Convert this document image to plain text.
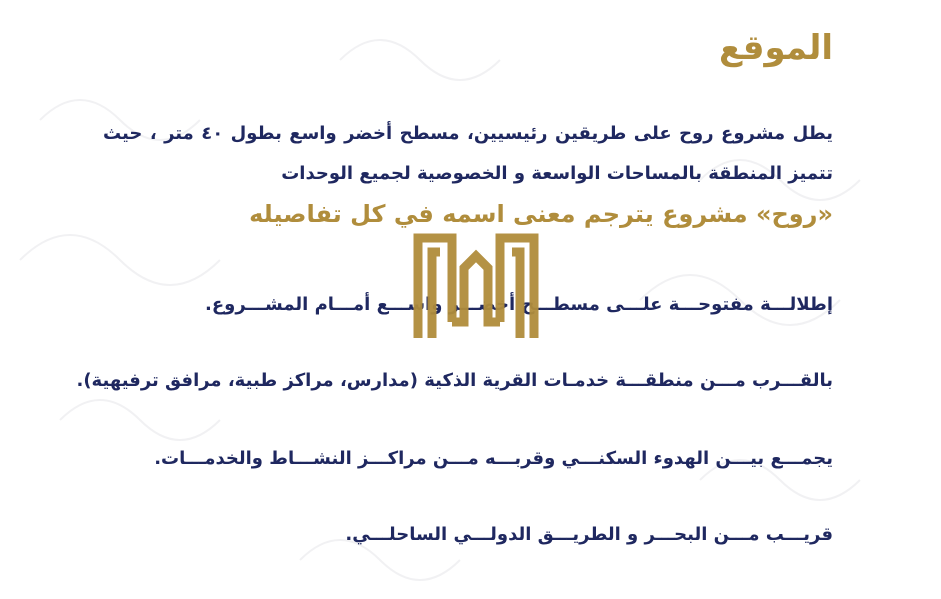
الموقع

يطل مشروع روح على طريقين رئيسيين، مسطح أخضر واسع بطول ٤٠ متر ، حيث تتميز المنطقة بالمساحات الواسعة و الخصوصية لجميع الوحدات

«روح» مشروع يترجم معنى اسمه في كل تفاصيله
إطلالـــة مفتوحـــة علـــى مسطـــح أخضـــر واســـع أمـــام المشـــروع.
بالقـــرب مـــن منطقـــة خدمـات القرية الذكية (مدارس، مراكز طبية، مرافق ترفيهية).
يجمـــع بيـــن الهدوء السكنـــي وقربـــه مـــن مراكـــز النشـــاط والخدمـــات.
قريـــب مـــن البحـــر و الطريـــق الدولـــي الساحلـــي.
